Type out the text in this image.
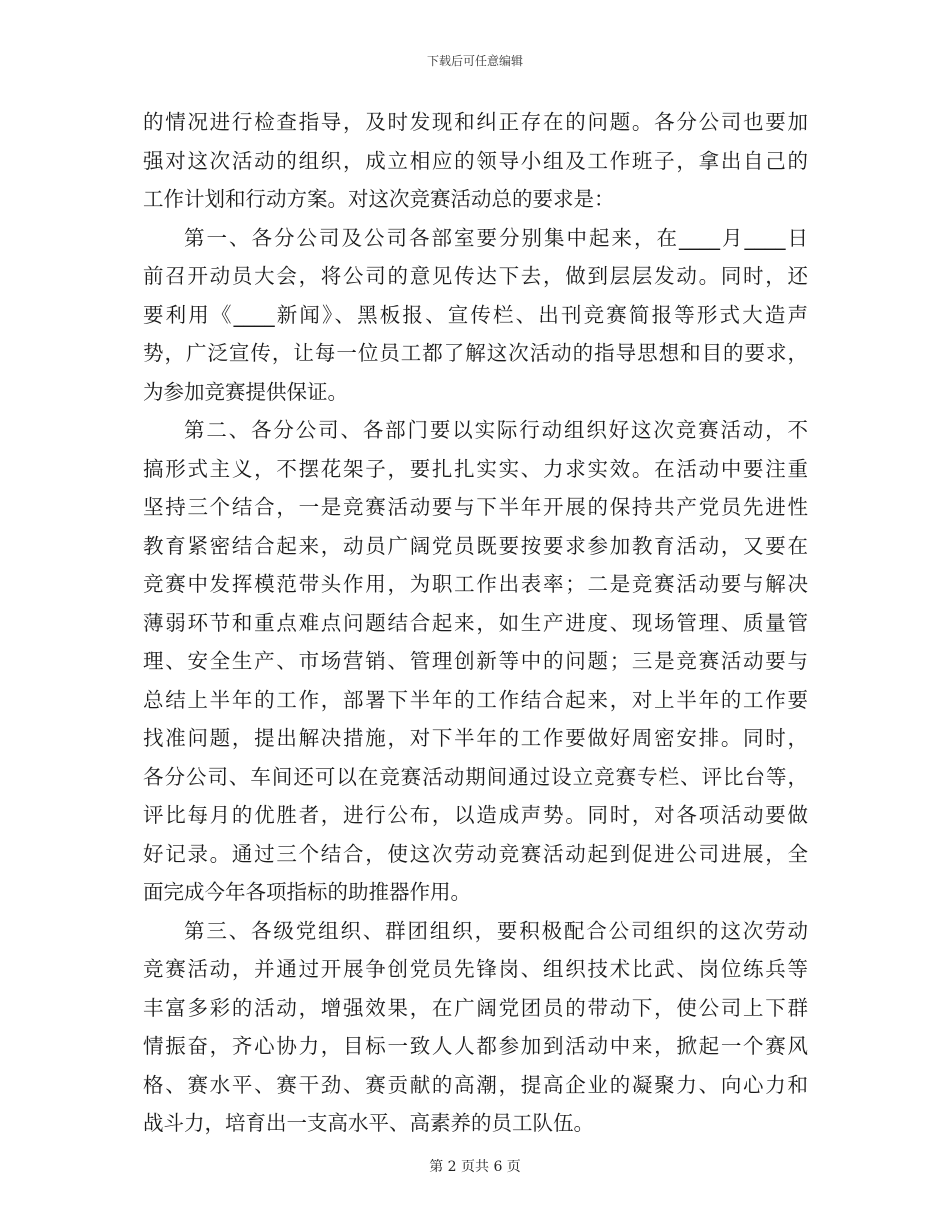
下载后可任意编辑
的情况进行检查指导，及时发现和纠正存在的问题。各分公司也要加
强对这次活动的组织，成立相应的领导小组及工作班子，拿出自己的
工作计划和行动方案。对这次竞赛活动总的要求是：
第一、各分公司及公司各部室要分别集中起来，在____月____日
前召开动员大会，将公司的意见传达下去，做到层层发动。同时，还
要利用《____新闻》、黑板报、宣传栏、出刊竞赛简报等形式大造声
势，广泛宣传，让每一位员工都了解这次活动的指导思想和目的要求，
为参加竞赛提供保证。
第二、各分公司、各部门要以实际行动组织好这次竞赛活动，不
搞形式主义，不摆花架子，要扎扎实实、力求实效。在活动中要注重
坚持三个结合，一是竞赛活动要与下半年开展的保持共产党员先进性
教育紧密结合起来，动员广阔党员既要按要求参加教育活动，又要在
竞赛中发挥模范带头作用，为职工作出表率；二是竞赛活动要与解决
薄弱环节和重点难点问题结合起来，如生产进度、现场管理、质量管
理、安全生产、市场营销、管理创新等中的问题；三是竞赛活动要与
总结上半年的工作，部署下半年的工作结合起来，对上半年的工作要
找准问题，提出解决措施，对下半年的工作要做好周密安排。同时，
各分公司、车间还可以在竞赛活动期间通过设立竞赛专栏、评比台等，
评比每月的优胜者，进行公布，以造成声势。同时，对各项活动要做
好记录。通过三个结合，使这次劳动竞赛活动起到促进公司进展，全
面完成今年各项指标的助推器作用。
第三、各级党组织、群团组织，要积极配合公司组织的这次劳动
竞赛活动，并通过开展争创党员先锋岗、组织技术比武、岗位练兵等
丰富多彩的活动，增强效果，在广阔党团员的带动下，使公司上下群
情振奋，齐心协力，目标一致人人都参加到活动中来，掀起一个赛风
格、赛水平、赛干劲、赛贡献的高潮，提高企业的凝聚力、向心力和
战斗力，培育出一支高水平、高素养的员工队伍。
第 2 页共 6 页
